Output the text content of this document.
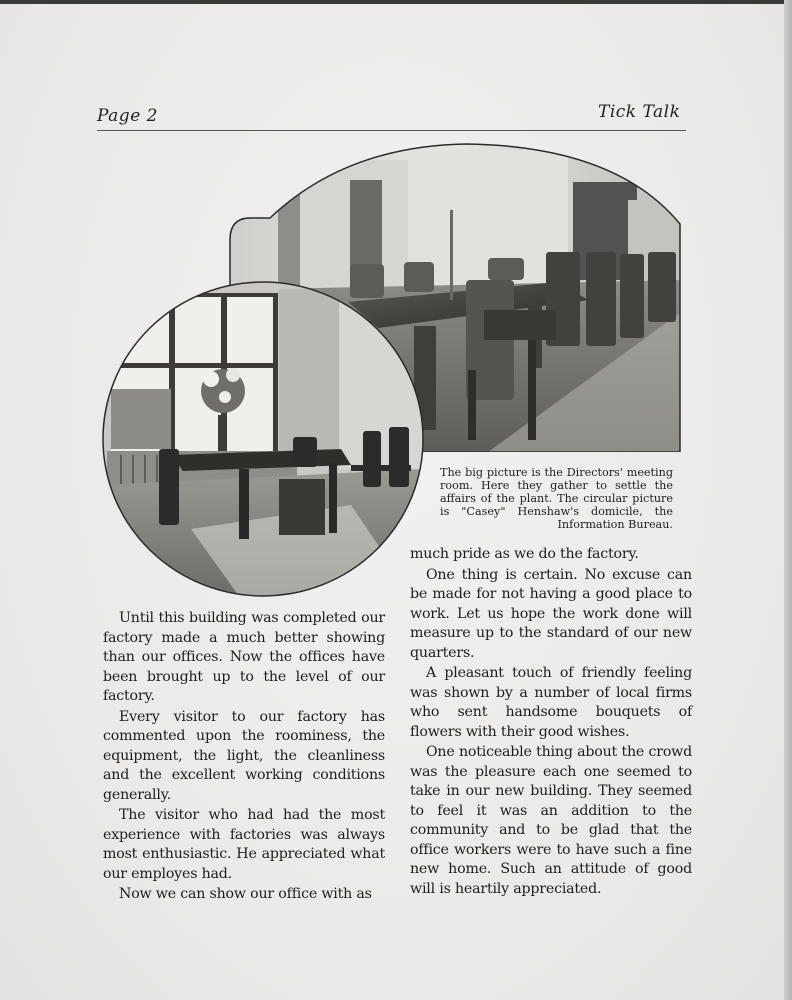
Page 2	Tick Talk
The big picture is the Directors' meeting room. Here they gather to settle the affairs of the plant. The circular picture is "Casey" Henshaw's domicile, the Information Bureau.

Until this building was completed our factory made a much better showing than our offices. Now the offices have been brought up to the level of our factory.

Every visitor to our factory has commented upon the roominess, the equipment, the light, the cleanliness and the excellent working conditions generally.

The visitor who had had the most experience with factories was always most enthusiastic. He appreciated what our employes had.

Now we can show our office with as

much pride as we do the factory.

One thing is certain. No excuse can be made for not having a good place to work. Let us hope the work done will measure up to the standard of our new quarters.

A pleasant touch of friendly feeling was shown by a number of local firms who sent handsome bouquets of flowers with their good wishes.

One noticeable thing about the crowd was the pleasure each one seemed to take in our new building. They seemed to feel it was an addition to the community and to be glad that the office workers were to have such a fine new home. Such an attitude of good will is heartily appreciated.
